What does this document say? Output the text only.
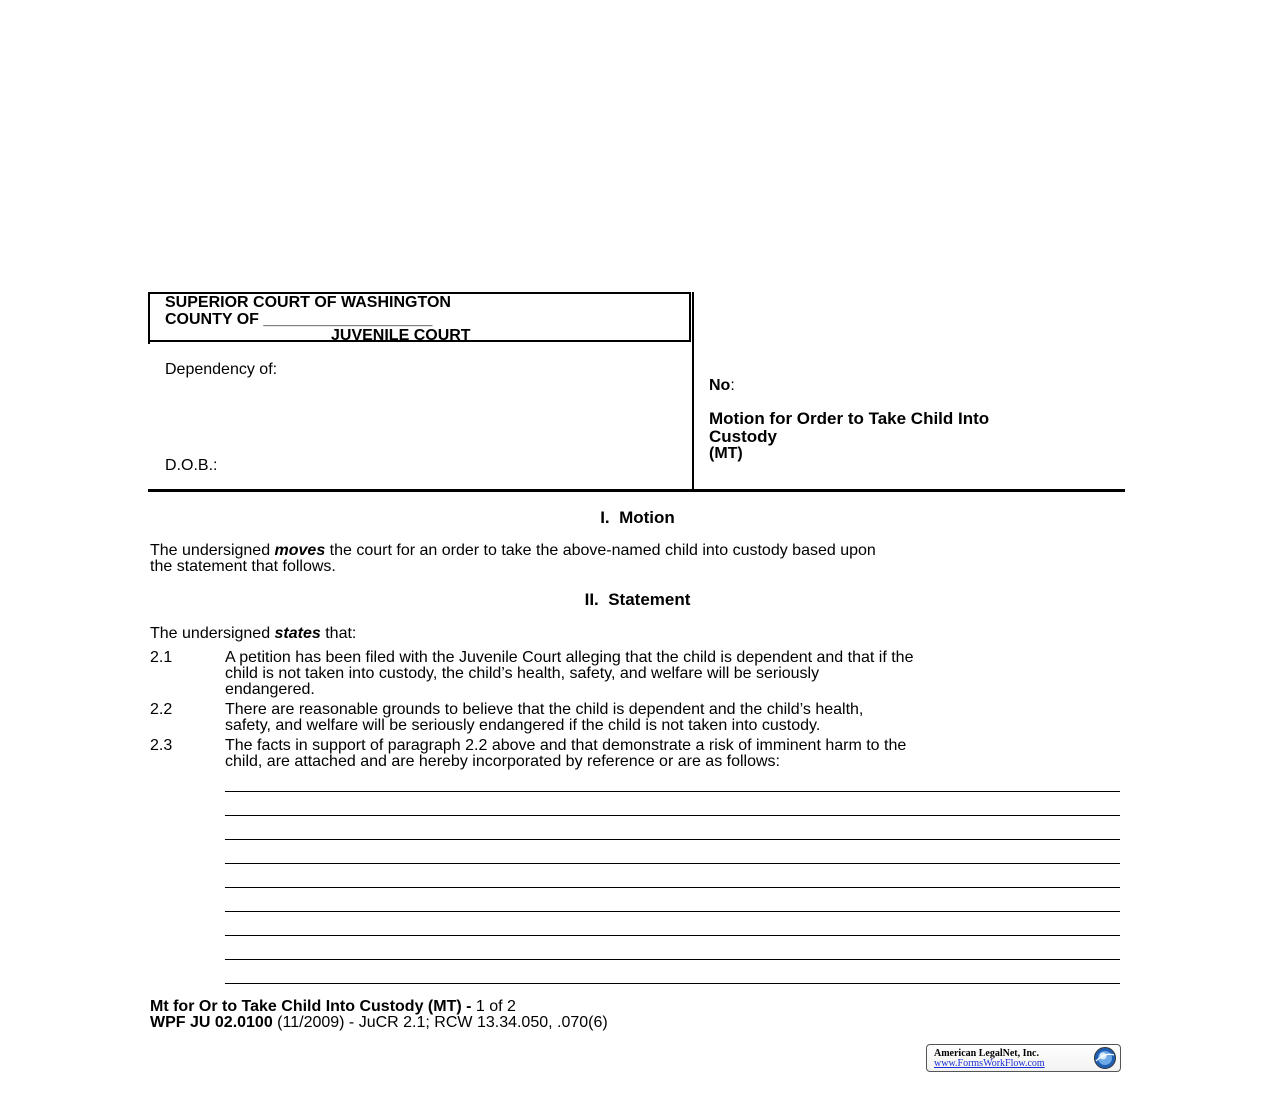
SUPERIOR COURT OF WASHINGTON
COUNTY OF ___________________
JUVENILE COURT
Dependency of:
D.O.B.:
No:
Motion for Order to Take Child Into
Custody
(MT)
I.  Motion
The undersigned moves the court for an order to take the above-named child into custody based upon
the statement that follows.
II.  Statement
The undersigned states that:
2.1	A petition has been filed with the Juvenile Court alleging that the child is dependent and that if the
child is not taken into custody, the child’s health, safety, and welfare will be seriously
endangered.
2.2	There are reasonable grounds to believe that the child is dependent and the child’s health,
safety, and welfare will be seriously endangered if the child is not taken into custody.
2.3	The facts in support of paragraph 2.2 above and that demonstrate a risk of imminent harm to the
child, are attached and are hereby incorporated by reference or are as follows:
Mt for Or to Take Child Into Custody (MT) - 1 of 2
WPF JU 02.0100 (11/2009) - JuCR 2.1; RCW 13.34.050, .070(6)
American LegalNet, Inc.
www.FormsWorkFlow.com
